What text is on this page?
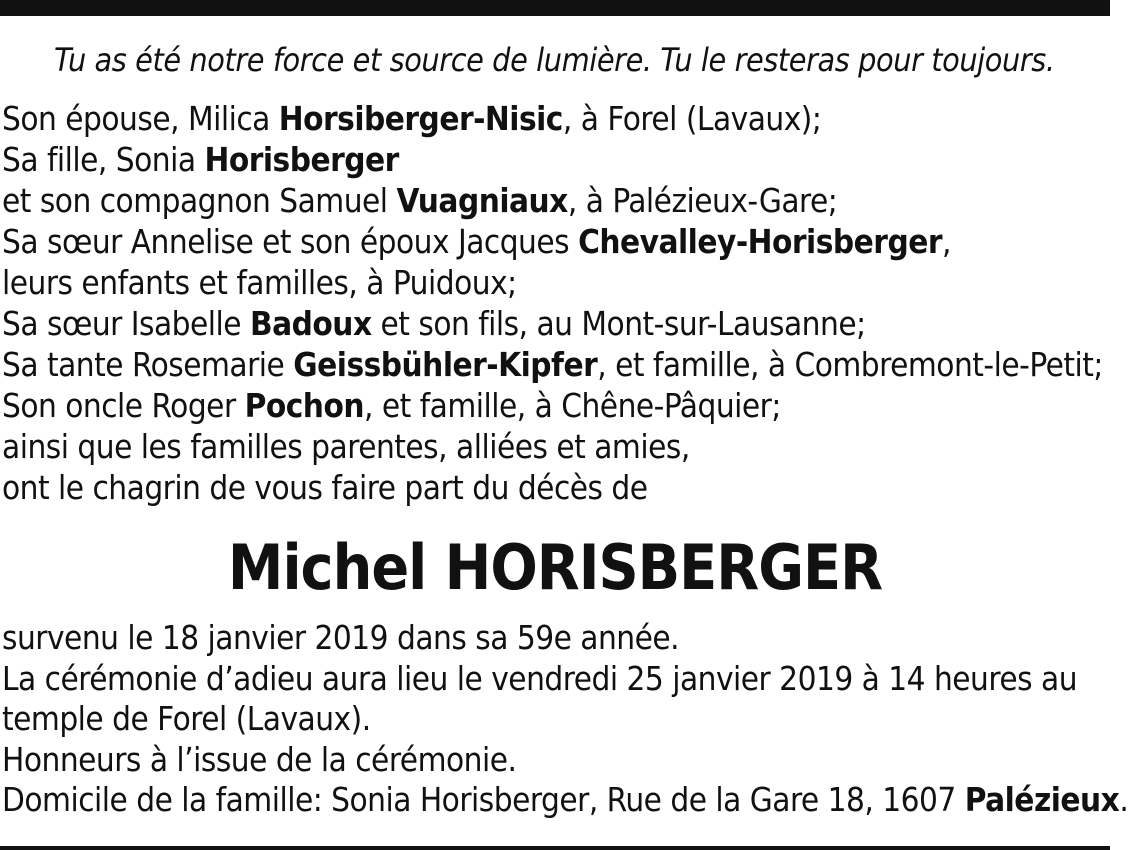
Tu as été notre force et source de lumière. Tu le resteras pour toujours.
Son épouse, Milica Horsiberger-Nisic, à Forel (Lavaux);
Sa fille, Sonia Horisberger
et son compagnon Samuel Vuagniaux, à Palézieux-Gare;
Sa sœur Annelise et son époux Jacques Chevalley-Horisberger,
leurs enfants et familles, à Puidoux;
Sa sœur Isabelle Badoux et son fils, au Mont-sur-Lausanne;
Sa tante Rosemarie Geissbühler-Kipfer, et famille, à Combremont-le-Petit;
Son oncle Roger Pochon, et famille, à Chêne-Pâquier;
ainsi que les familles parentes, alliées et amies,
ont le chagrin de vous faire part du décès de
Michel HORISBERGER
survenu le 18 janvier 2019 dans sa 59e année.
La cérémonie d’adieu aura lieu le vendredi 25 janvier 2019 à 14 heures au
temple de Forel (Lavaux).
Honneurs à l’issue de la cérémonie.
Domicile de la famille: Sonia Horisberger, Rue de la Gare 18, 1607 Palézieux.
